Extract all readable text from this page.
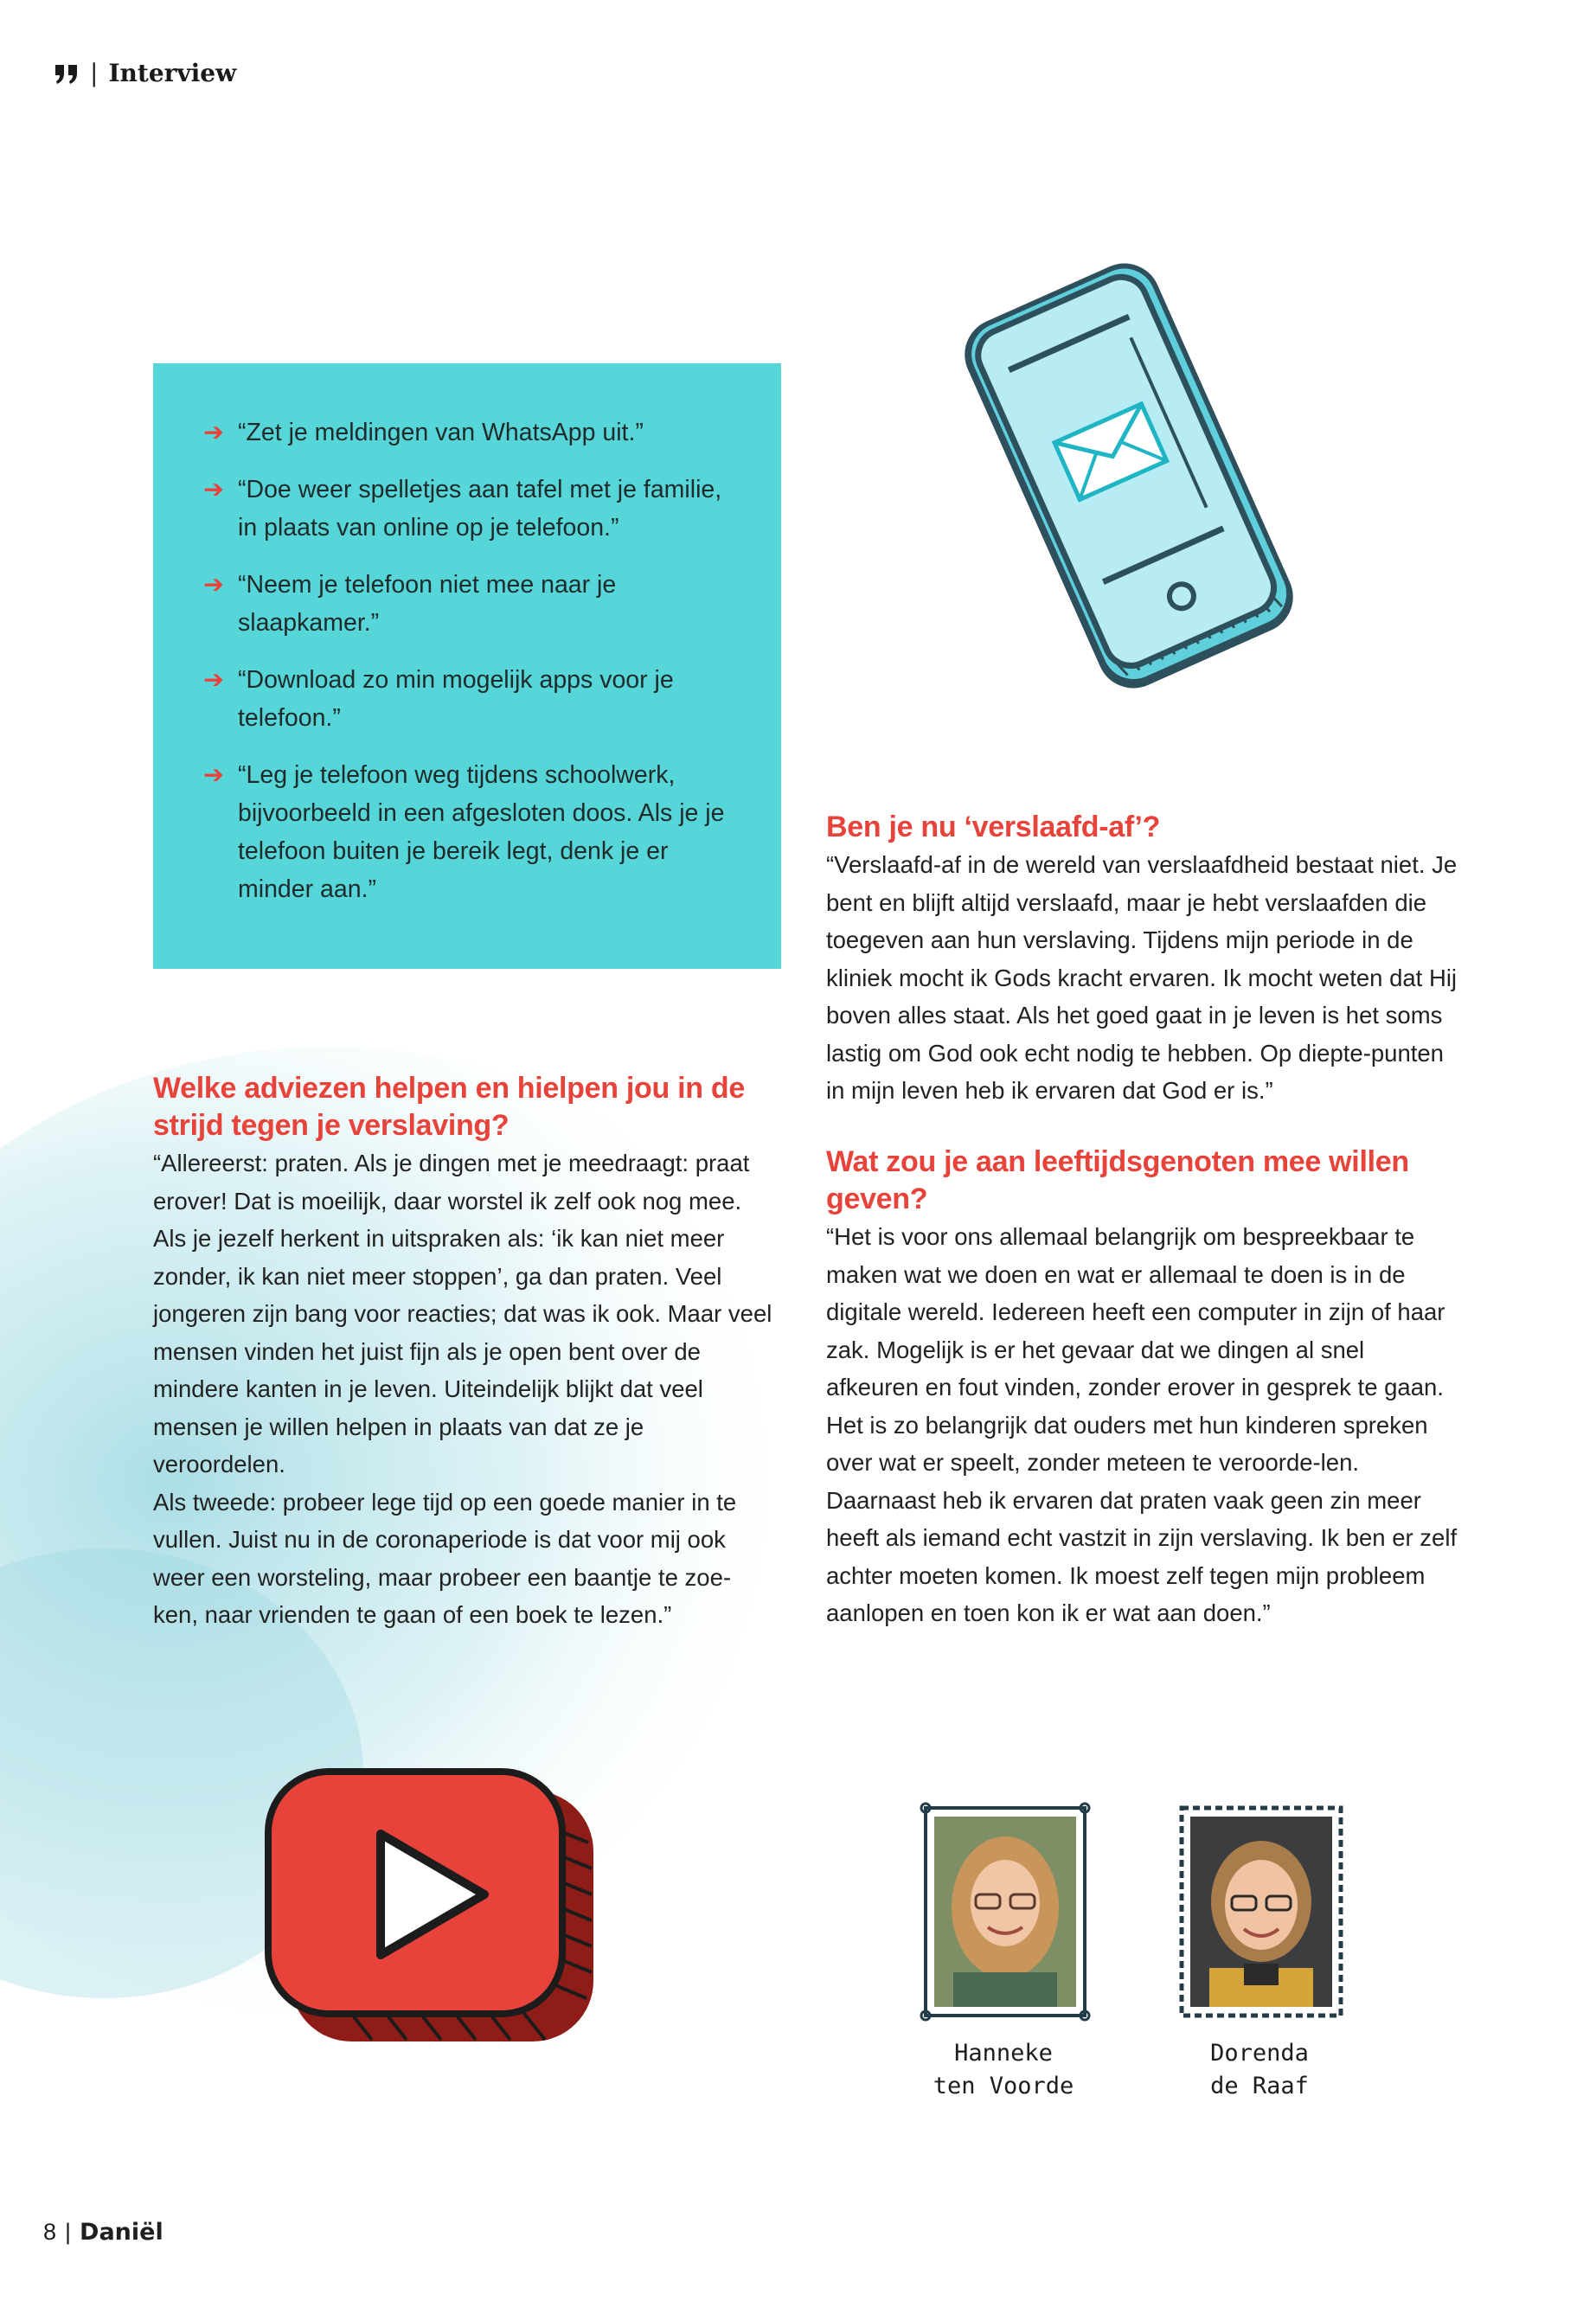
| Interview
➔ “Zet je meldingen van WhatsApp uit.”
➔ “Doe weer spelletjes aan tafel met je familie, in plaats van online op je telefoon.”
➔ “Neem je telefoon niet mee naar je slaapkamer.”
➔ “Download zo min mogelijk apps voor je telefoon.”
➔ “Leg je telefoon weg tijdens schoolwerk, bijvoorbeeld in een afgesloten doos. Als je je telefoon buiten je bereik legt, denk je er minder aan.”
Welke adviezen helpen en hielpen jou in de strijd tegen je verslaving?

“Allereerst: praten. Als je dingen met je meedraagt: praat erover! Dat is moeilijk, daar worstel ik zelf ook nog mee. Als je jezelf herkent in uitspraken als: ‘ik kan niet meer zonder, ik kan niet meer stoppen’, ga dan praten. Veel jongeren zijn bang voor reacties; dat was ik ook. Maar veel mensen vinden het juist fijn als je open bent over de mindere kanten in je leven. Uiteindelijk blijkt dat veel mensen je willen helpen in plaats van dat ze je veroordelen.

Als tweede: probeer lege tijd op een goede manier in te vullen. Juist nu in de coronaperiode is dat voor mij ook weer een worsteling, maar probeer een baantje te zoe-ken, naar vrienden te gaan of een boek te lezen.”

Ben je nu ‘verslaafd-af’?

“Verslaafd-af in de wereld van verslaafdheid bestaat niet. Je bent en blijft altijd verslaafd, maar je hebt verslaafden die toegeven aan hun verslaving. Tijdens mijn periode in de kliniek mocht ik Gods kracht ervaren. Ik mocht weten dat Hij boven alles staat. Als het goed gaat in je leven is het soms lastig om God ook echt nodig te hebben. Op diepte-punten in mijn leven heb ik ervaren dat God er is.”

Wat zou je aan leeftijdsgenoten mee willen geven?

“Het is voor ons allemaal belangrijk om bespreekbaar te maken wat we doen en wat er allemaal te doen is in de digitale wereld. Iedereen heeft een computer in zijn of haar zak. Mogelijk is er het gevaar dat we dingen al snel afkeuren en fout vinden, zonder erover in gesprek te gaan. Het is zo belangrijk dat ouders met hun kinderen spreken over wat er speelt, zonder meteen te veroorde-len. Daarnaast heb ik ervaren dat praten vaak geen zin meer heeft als iemand echt vastzit in zijn verslaving. Ik ben er zelf achter moeten komen. Ik moest zelf tegen mijn probleem aanlopen en toen kon ik er wat aan doen.”

Hanneke
ten Voorde
Dorenda
de Raaf
8 | Daniël
